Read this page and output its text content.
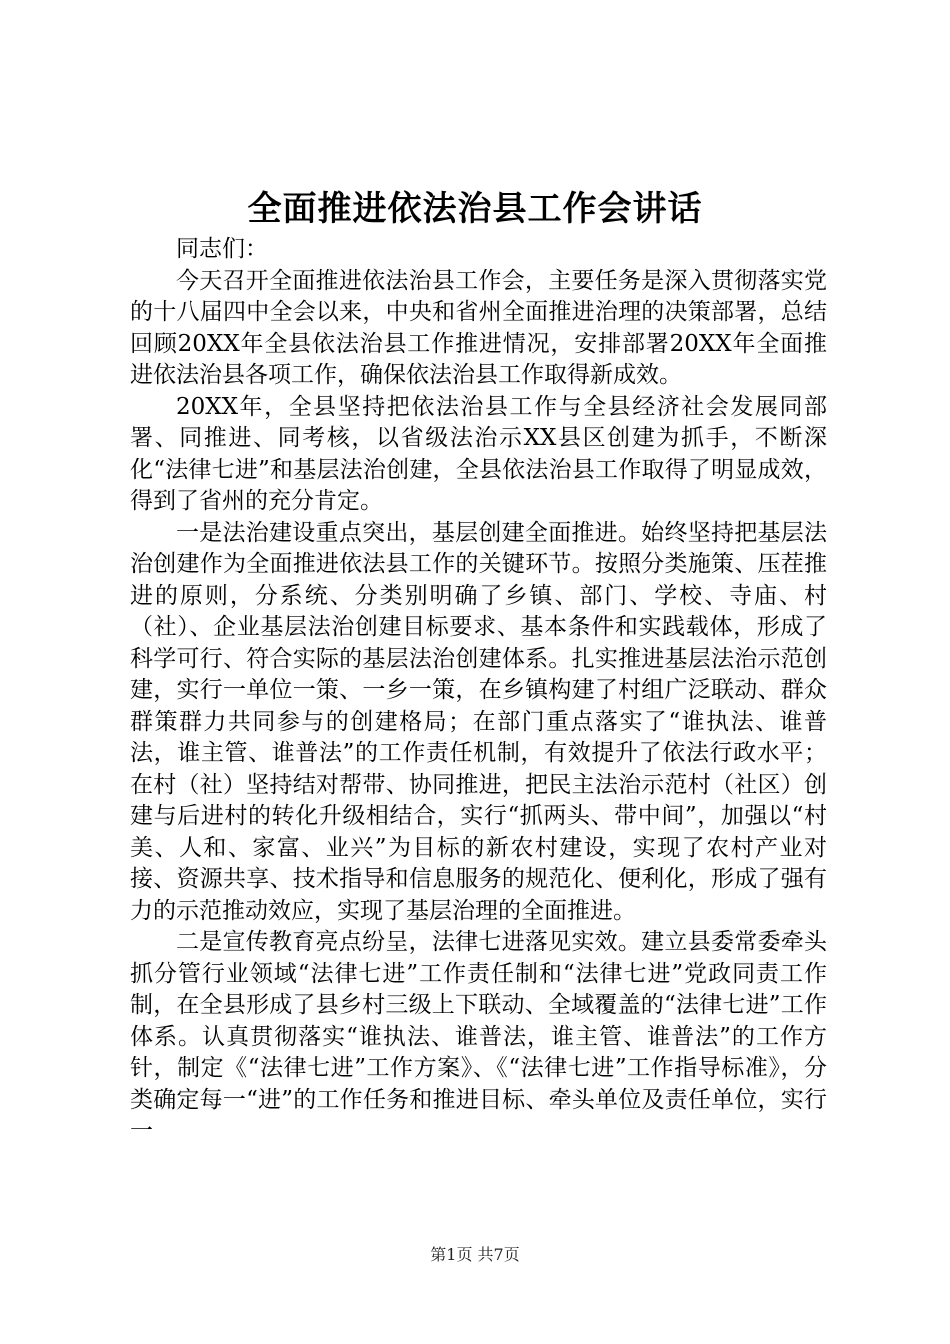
全面推进依法治县工作会讲话

同志们：

今天召开全面推进依法治县工作会，主要任务是深入贯彻落实党的十八届四中全会以来，中央和省州全面推进治理的决策部署，总结回顾20XX年全县依法治县工作推进情况，安排部署20XX年全面推进依法治县各项工作，确保依法治县工作取得新成效。

20XX年，全县坚持把依法治县工作与全县经济社会发展同部署、同推进、同考核，以省级法治示XX县区创建为抓手，不断深化“法律七进”和基层法治创建，全县依法治县工作取得了明显成效，得到了省州的充分肯定。

一是法治建设重点突出，基层创建全面推进。始终坚持把基层法治创建作为全面推进依法县工作的关键环节。按照分类施策、压茬推进的原则，分系统、分类别明确了乡镇、部门、学校、寺庙、村（社）、企业基层法治创建目标要求、基本条件和实践载体，形成了科学可行、符合实际的基层法治创建体系。扎实推进基层法治示范创建，实行一单位一策、一乡一策，在乡镇构建了村组广泛联动、群众群策群力共同参与的创建格局；在部门重点落实了“谁执法、谁普法，谁主管、谁普法”的工作责任机制，有效提升了依法行政水平；在村（社）坚持结对帮带、协同推进，把民主法治示范村（社区）创建与后进村的转化升级相结合，实行“抓两头、带中间”，加强以“村美、人和、家富、业兴”为目标的新农村建设，实现了农村产业对接、资源共享、技术指导和信息服务的规范化、便利化，形成了强有力的示范推动效应，实现了基层治理的全面推进。

二是宣传教育亮点纷呈，法律七进落见实效。建立县委常委牵头抓分管行业领域“法律七进”工作责任制和“法律七进”党政同责工作制，在全县形成了县乡村三级上下联动、全域覆盖的“法律七进”工作体系。认真贯彻落实“谁执法、谁普法，谁主管、谁普法”的工作方针，制定《“法律七进”工作方案》、《“法律七进”工作指导标准》，分类确定每一“进”的工作任务和推进目标、牵头单位及责任单位，实行一

第1页 共7页
